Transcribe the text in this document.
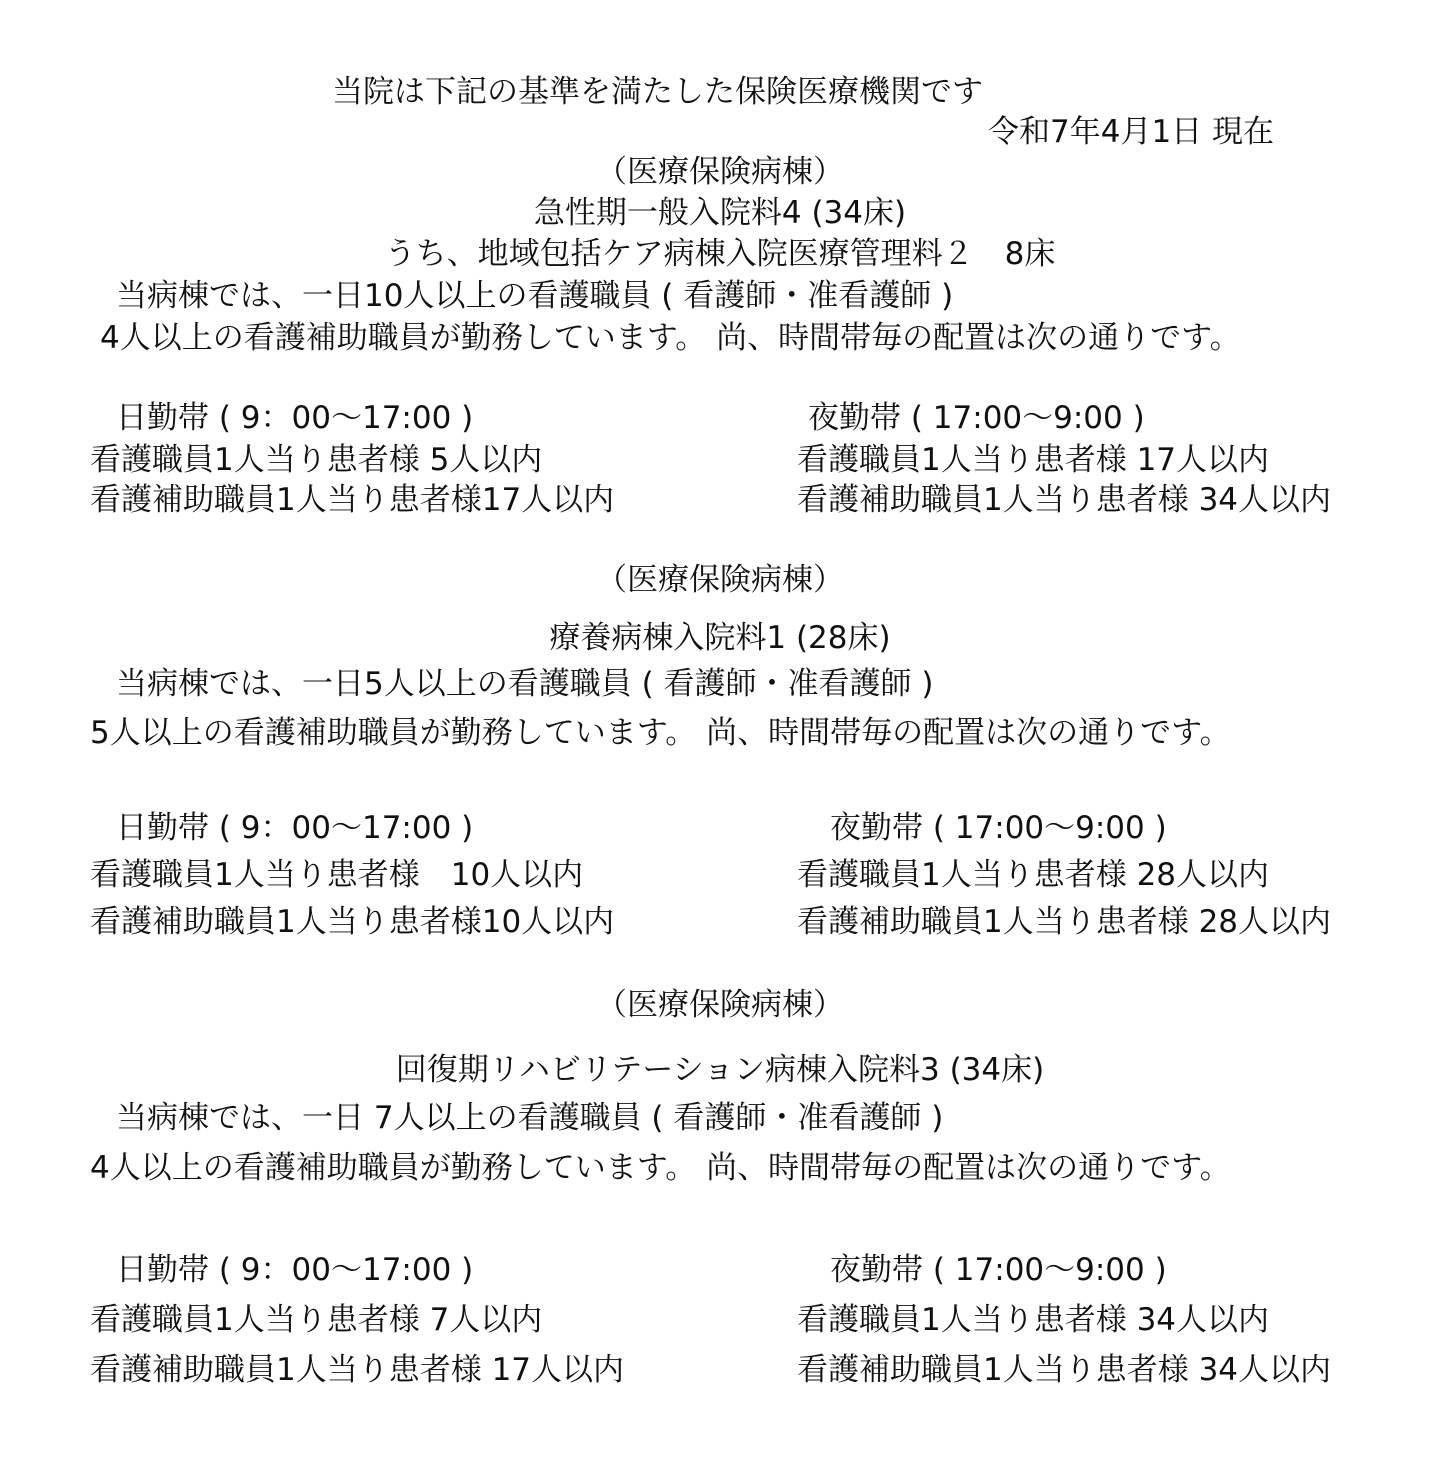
当院は下記の基準を満たした保険医療機関です
令和7年4月1日 現在
（医療保険病棟）
急性期一般入院料4 (34床)
うち、地域包括ケア病棟入院医療管理料２　8床
当病棟では、一日10人以上の看護職員 ( 看護師・准看護師 )
4人以上の看護補助職員が勤務しています。 尚、時間帯毎の配置は次の通りです。
日勤帯 ( 9：00～17:00 )
看護職員1人当り患者様 5人以内
看護補助職員1人当り患者様17人以内
夜勤帯 ( 17:00～9:00 )
看護職員1人当り患者様 17人以内
看護補助職員1人当り患者様 34人以内
（医療保険病棟）
療養病棟入院料1 (28床)
当病棟では、一日5人以上の看護職員 ( 看護師・准看護師 )
5人以上の看護補助職員が勤務しています。 尚、時間帯毎の配置は次の通りです。
日勤帯 ( 9：00～17:00 )
看護職員1人当り患者様　10人以内
看護補助職員1人当り患者様10人以内
夜勤帯 ( 17:00～9:00 )
看護職員1人当り患者様 28人以内
看護補助職員1人当り患者様 28人以内
（医療保険病棟）
回復期リハビリテーション病棟入院料3 (34床)
当病棟では、一日 7人以上の看護職員 ( 看護師・准看護師 )
4人以上の看護補助職員が勤務しています。 尚、時間帯毎の配置は次の通りです。
日勤帯 ( 9：00～17:00 )
看護職員1人当り患者様 7人以内
看護補助職員1人当り患者様 17人以内
夜勤帯 ( 17:00～9:00 )
看護職員1人当り患者様 34人以内
看護補助職員1人当り患者様 34人以内
